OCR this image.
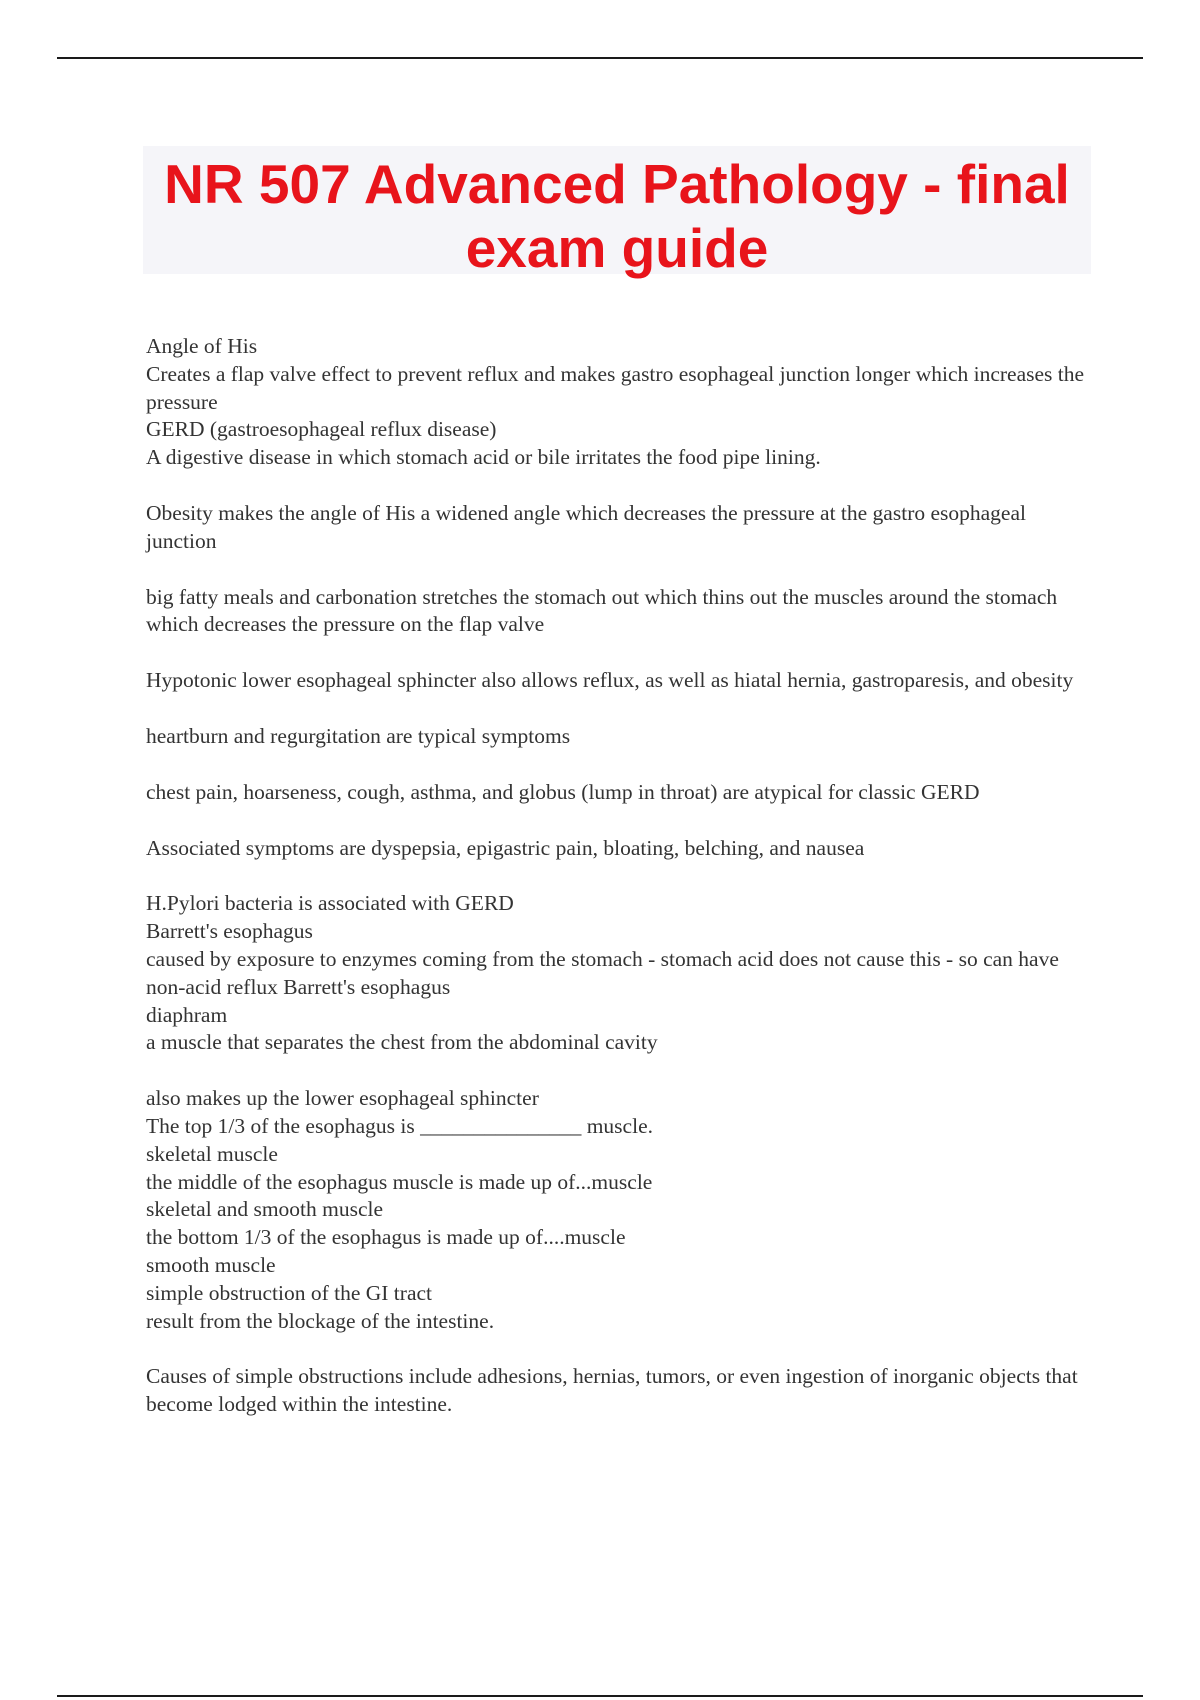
NR 507 Advanced Pathology - final exam guide

Angle of His

Creates a flap valve effect to prevent reflux and makes gastro esophageal junction longer which increases the pressure

GERD (gastroesophageal reflux disease)

A digestive disease in which stomach acid or bile irritates the food pipe lining.

Obesity makes the angle of His a widened angle which decreases the pressure at the gastro esophageal junction

big fatty meals and carbonation stretches the stomach out which thins out the muscles around the stomach which decreases the pressure on the flap valve

Hypotonic lower esophageal sphincter also allows reflux, as well as hiatal hernia, gastroparesis, and obesity

heartburn and regurgitation are typical symptoms

chest pain, hoarseness, cough, asthma, and globus (lump in throat) are atypical for classic GERD

Associated symptoms are dyspepsia, epigastric pain, bloating, belching, and nausea

H.Pylori bacteria is associated with GERD

Barrett's esophagus

caused by exposure to enzymes coming from the stomach - stomach acid does not cause this - so can have non-acid reflux Barrett's esophagus

diaphram

a muscle that separates the chest from the abdominal cavity

also makes up the lower esophageal sphincter

The top 1/3 of the esophagus is _______________ muscle.

skeletal muscle

the middle of the esophagus muscle is made up of...muscle

skeletal and smooth muscle

the bottom 1/3 of the esophagus is made up of....muscle

smooth muscle

simple obstruction of the GI tract

result from the blockage of the intestine.

Causes of simple obstructions include adhesions, hernias, tumors, or even ingestion of inorganic objects that become lodged within the intestine.
